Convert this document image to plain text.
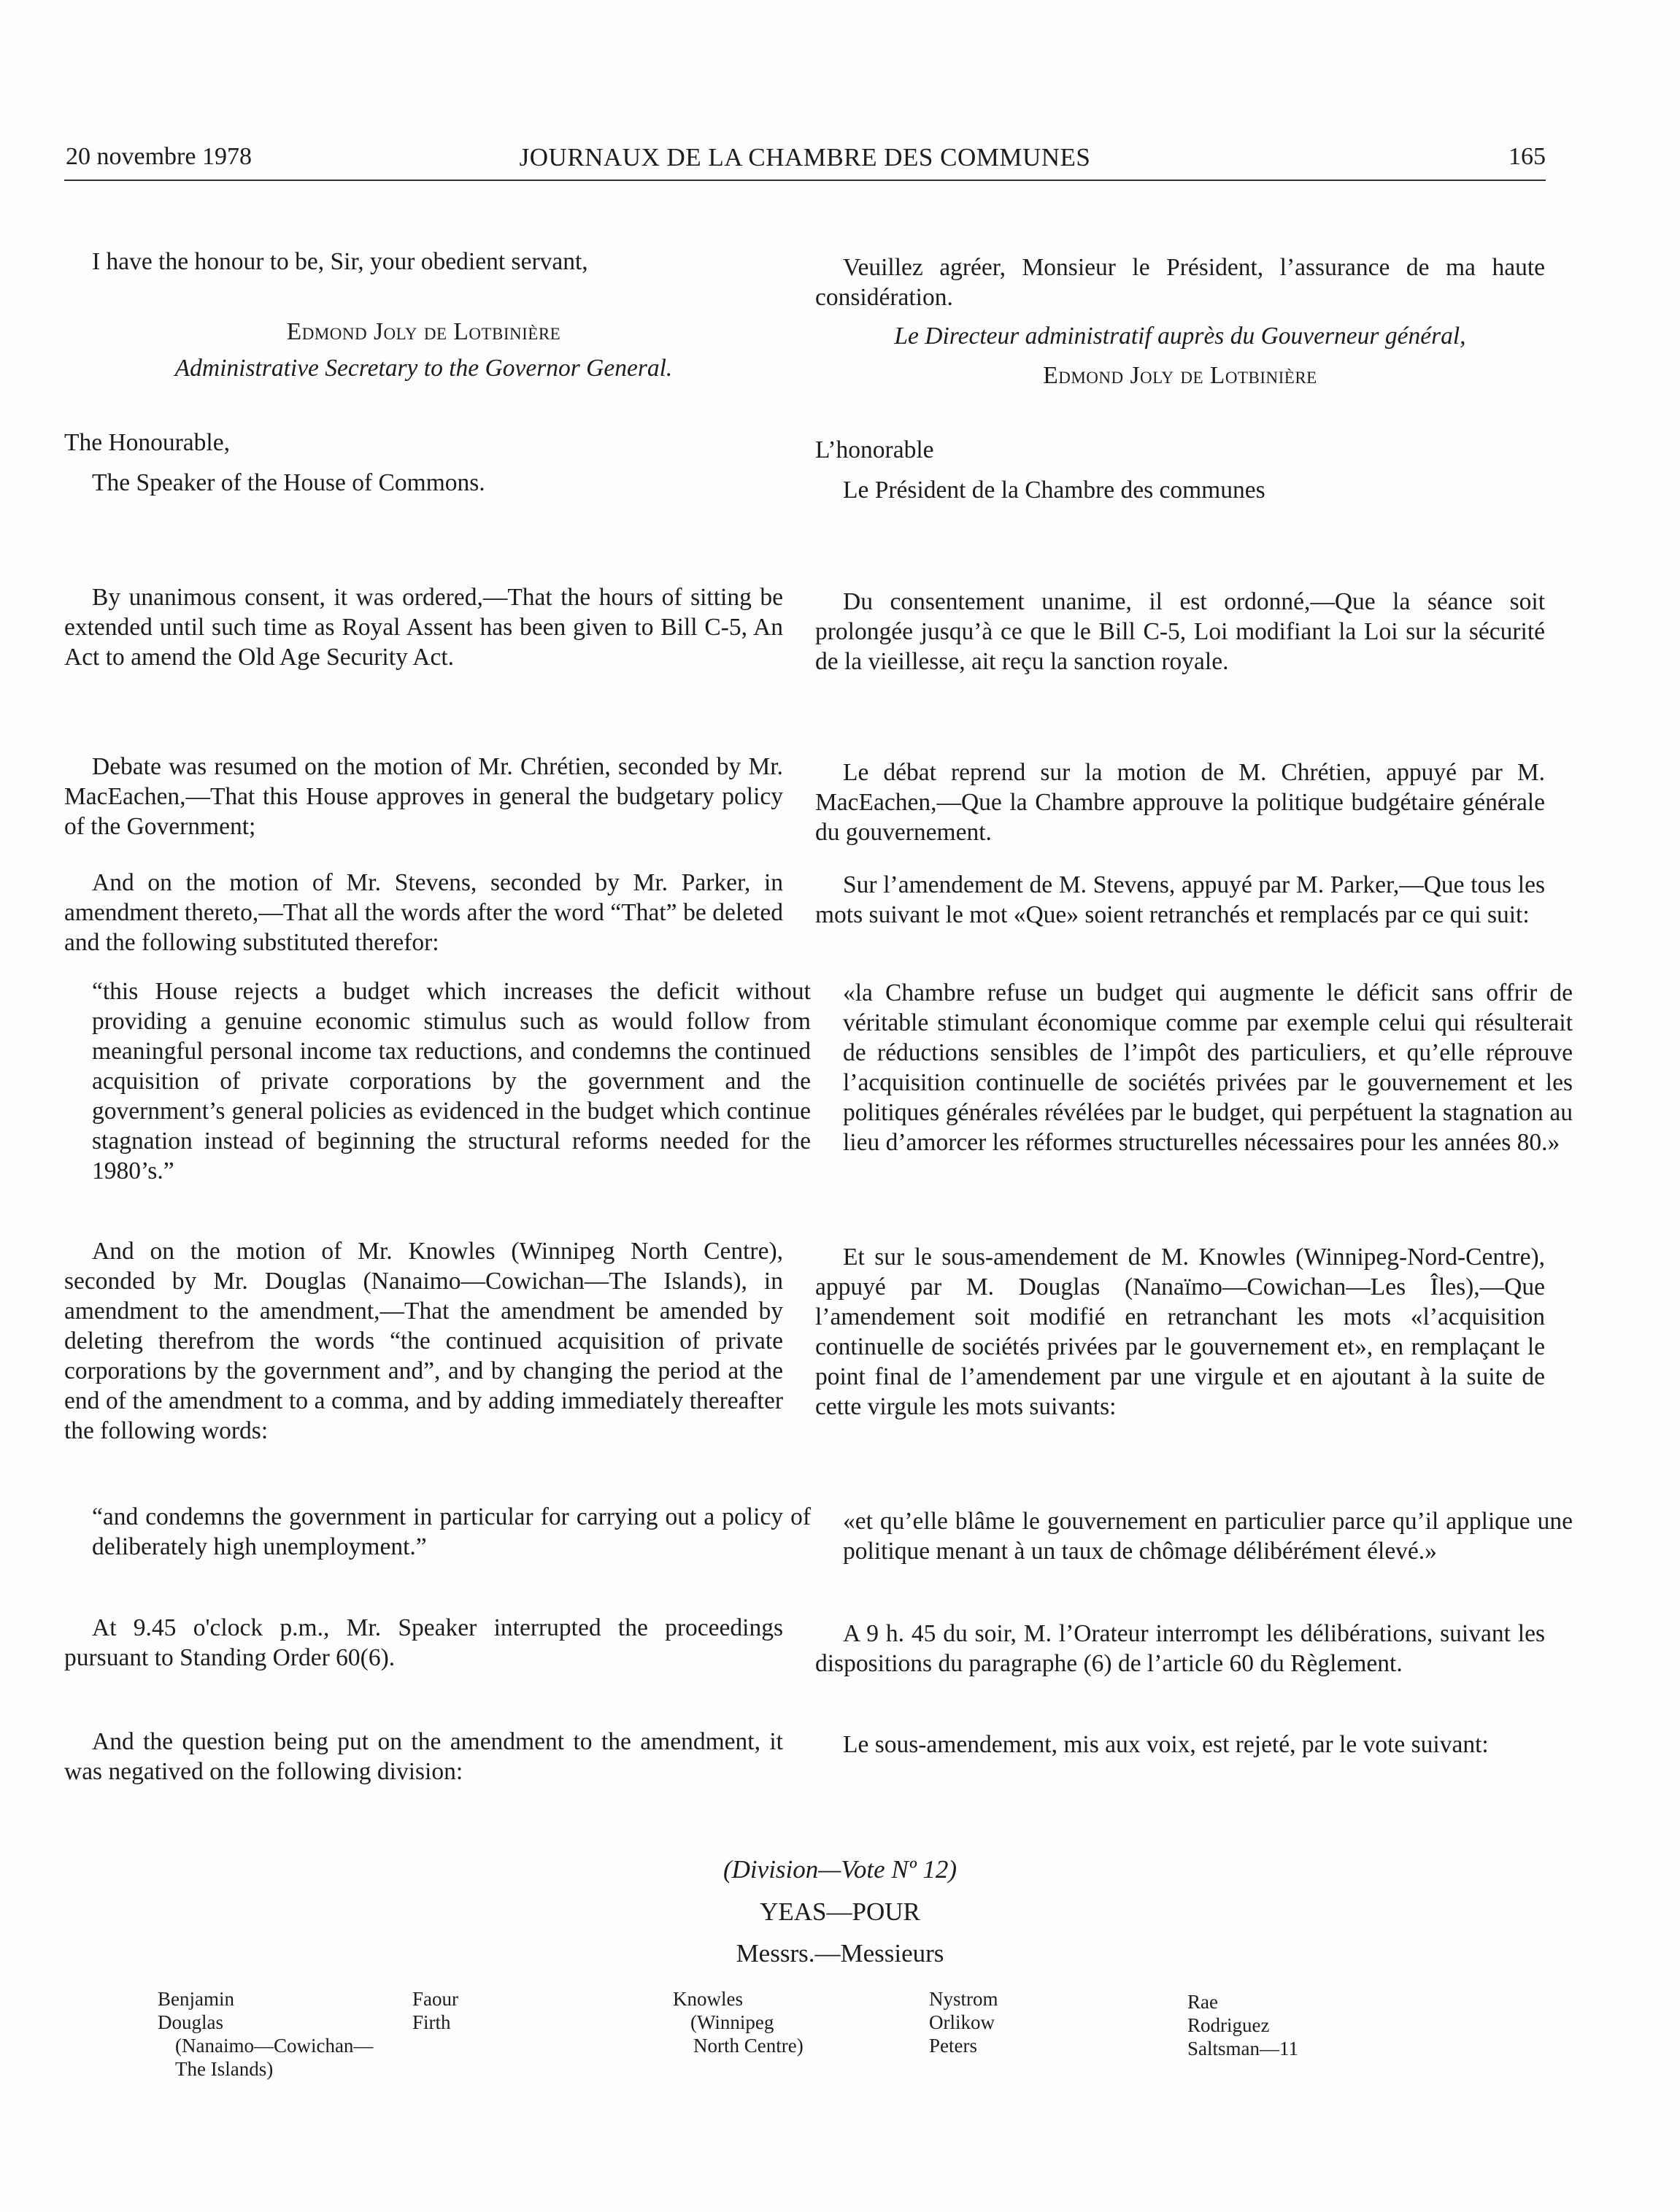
20 novembre 1978	JOURNAUX DE LA CHAMBRE DES COMMUNES	165

I have the honour to be, Sir, your obedient servant,

Edmond Joly de Lotbinière

Administrative Secretary to the Governor General.

The Honourable,

The Speaker of the House of Commons.

By unanimous consent, it was ordered,—That the hours of sitting be extended until such time as Royal Assent has been given to Bill C-5, An Act to amend the Old Age Security Act.

Debate was resumed on the motion of Mr. Chrétien, seconded by Mr. MacEachen,—That this House approves in general the budgetary policy of the Government;

And on the motion of Mr. Stevens, seconded by Mr. Parker, in amendment thereto,—That all the words after the word “That” be deleted and the following substituted therefor:

“this House rejects a budget which increases the deficit without providing a genuine economic stimulus such as would follow from meaningful personal income tax reductions, and condemns the continued acquisition of private corporations by the government and the government’s general policies as evidenced in the budget which continue stagnation instead of beginning the structural reforms needed for the 1980’s.”

And on the motion of Mr. Knowles (Winnipeg North Centre), seconded by Mr. Douglas (Nanaimo—Cowichan—The Islands), in amendment to the amendment,—That the amendment be amended by deleting therefrom the words “the continued acquisition of private corporations by the government and”, and by changing the period at the end of the amendment to a comma, and by adding immediately thereafter the following words:

“and condemns the government in particular for carrying out a policy of deliberately high unemployment.”

At 9.45 o'clock p.m., Mr. Speaker interrupted the proceedings pursuant to Standing Order 60(6).

And the question being put on the amendment to the amendment, it was negatived on the following division:

Veuillez agréer, Monsieur le Président, l’assurance de ma haute considération.

Le Directeur administratif auprès du Gouverneur général,

Edmond Joly de Lotbinière

L’honorable

Le Président de la Chambre des communes

Du consentement unanime, il est ordonné,—Que la séance soit prolongée jusqu’à ce que le Bill C-5, Loi modifiant la Loi sur la sécurité de la vieillesse, ait reçu la sanction royale.

Le débat reprend sur la motion de M. Chrétien, appuyé par M. MacEachen,—Que la Chambre approuve la politique budgétaire générale du gouvernement.

Sur l’amendement de M. Stevens, appuyé par M. Parker,—Que tous les mots suivant le mot «Que» soient retranchés et remplacés par ce qui suit:

«la Chambre refuse un budget qui augmente le déficit sans offrir de véritable stimulant économique comme par exemple celui qui résulterait de réductions sensibles de l’impôt des particuliers, et qu’elle réprouve l’acquisition continuelle de sociétés privées par le gouvernement et les politiques générales révélées par le budget, qui perpétuent la stagnation au lieu d’amorcer les réformes structurelles nécessaires pour les années 80.»

Et sur le sous-amendement de M. Knowles (Winnipeg-Nord-Centre), appuyé par M. Douglas (Nanaïmo—Cowichan—Les Îles),—Que l’amendement soit modifié en retranchant les mots «l’acquisition continuelle de sociétés privées par le gouvernement et», en remplaçant le point final de l’amendement par une virgule et en ajoutant à la suite de cette virgule les mots suivants:

«et qu’elle blâme le gouvernement en particulier parce qu’il applique une politique menant à un taux de chômage délibérément élevé.»

A 9 h. 45 du soir, M. l’Orateur interrompt les délibérations, suivant les dispositions du paragraphe (6) de l’article 60 du Règlement.

Le sous-amendement, mis aux voix, est rejeté, par le vote suivant:

(Division—Vote Nº 12)
YEAS—POUR
Messrs.—Messieurs
Benjamin
Douglas
(Nanaimo—Cowichan—
The Islands)
Faour
Firth
Knowles
(Winnipeg
North Centre)
Nystrom
Orlikow
Peters
Rae
Rodriguez
Saltsman—11
